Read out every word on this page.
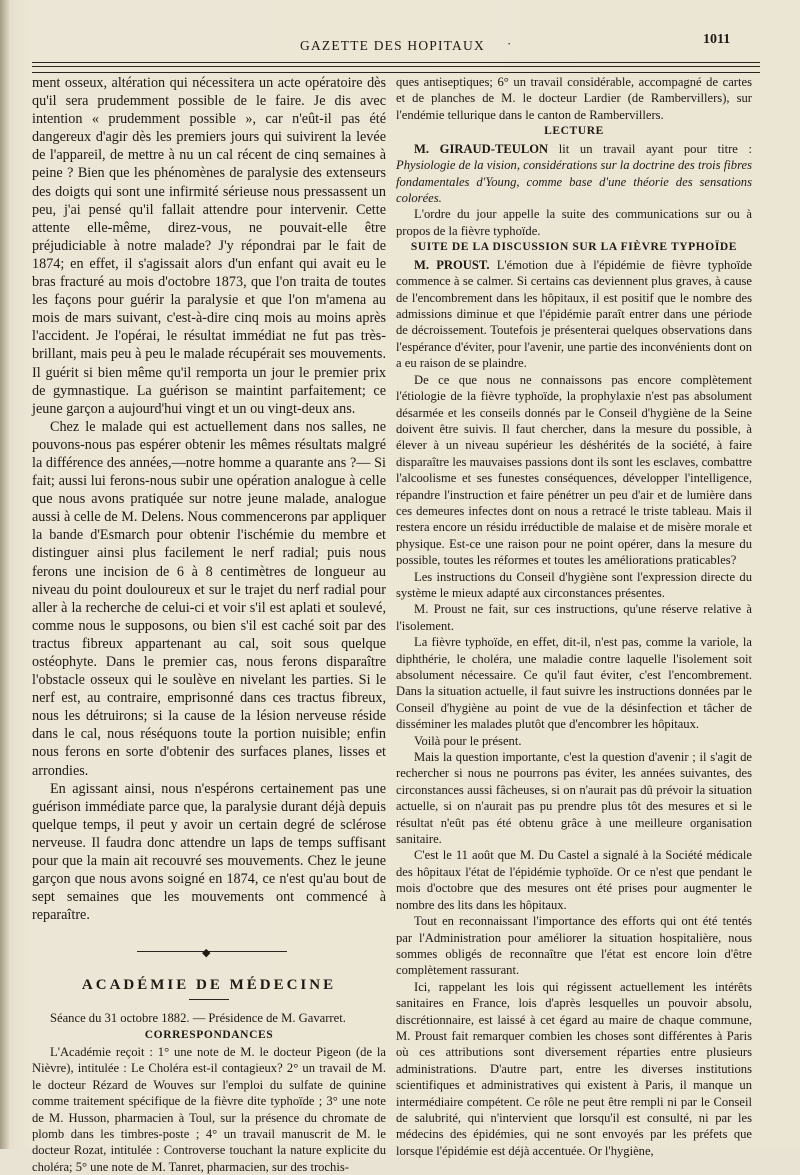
GAZETTE DES HOPITAUX ·	1011

ment osseux, altération qui nécessitera un acte opératoire dès qu'il sera prudemment possible de le faire. Je dis avec intention « prudemment possible », car n'eût-il pas été dangereux d'agir dès les premiers jours qui suivirent la levée de l'appareil, de mettre à nu un cal récent de cinq semaines à peine ? Bien que les phénomènes de paralysie des extenseurs des doigts qui sont une infirmité sérieuse nous pressassent un peu, j'ai pensé qu'il fallait attendre pour intervenir. Cette attente elle-même, direz-vous, ne pouvait-elle être préjudiciable à notre malade? J'y répondrai par le fait de 1874; en effet, il s'agissait alors d'un enfant qui avait eu le bras fracturé au mois d'octobre 1873, que l'on traita de toutes les façons pour guérir la paralysie et que l'on m'amena au mois de mars suivant, c'est-à-dire cinq mois au moins après l'accident. Je l'opérai, le résultat immédiat ne fut pas très-brillant, mais peu à peu le malade récupérait ses mouvements. Il guérit si bien même qu'il remporta un jour le premier prix de gymnastique. La guérison se maintint parfaitement; ce jeune garçon a aujourd'hui vingt et un ou vingt-deux ans.

Chez le malade qui est actuellement dans nos salles, ne pouvons-nous pas espérer obtenir les mêmes résultats malgré la différence des années,—notre homme a quarante ans ?— Si fait; aussi lui ferons-nous subir une opération analogue à celle que nous avons pratiquée sur notre jeune malade, analogue aussi à celle de M. Delens. Nous commencerons par appliquer la bande d'Esmarch pour obtenir l'ischémie du membre et distinguer ainsi plus facilement le nerf radial; puis nous ferons une incision de 6 à 8 centimètres de longueur au niveau du point douloureux et sur le trajet du nerf radial pour aller à la recherche de celui-ci et voir s'il est aplati et soulevé, comme nous le supposons, ou bien s'il est caché soit par des tractus fibreux appartenant au cal, soit sous quelque ostéophyte. Dans le premier cas, nous ferons disparaître l'obstacle osseux qui le soulève en nivelant les parties. Si le nerf est, au contraire, emprisonné dans ces tractus fibreux, nous les détruirons; si la cause de la lésion nerveuse réside dans le cal, nous réséquons toute la portion nuisible; enfin nous ferons en sorte d'obtenir des surfaces planes, lisses et arrondies.

En agissant ainsi, nous n'espérons certainement pas une guérison immédiate parce que, la paralysie durant déjà depuis quelque temps, il peut y avoir un certain degré de sclérose nerveuse. Il faudra donc attendre un laps de temps suffisant pour que la main ait recouvré ses mouvements. Chez le jeune garçon que nous avons soigné en 1874, ce n'est qu'au bout de sept semaines que les mouvements ont commencé à reparaître.

◆

ACADÉMIE DE MÉDECINE

Séance du 31 octobre 1882. — Présidence de M. Gavarret.

CORRESPONDANCES

L'Académie reçoit : 1° une note de M. le docteur Pigeon (de la Nièvre), intitulée : Le Choléra est-il contagieux? 2° un travail de M. le docteur Rézard de Wouves sur l'emploi du sulfate de quinine comme traitement spécifique de la fièvre dite typhoïde ; 3° une note de M. Husson, pharmacien à Toul, sur la présence du chromate de plomb dans les timbres-poste ; 4° un travail manuscrit de M. le docteur Rozat, intitulée : Controverse touchant la nature explicite du choléra; 5° une note de M. Tanret, pharmacien, sur des trochis-

ques antiseptiques; 6° un travail considérable, accompagné de cartes et de planches de M. le docteur Lardier (de Rambervillers), sur l'endémie tellurique dans le canton de Rambervillers.

LECTURE

M. GIRAUD-TEULON lit un travail ayant pour titre : Physiologie de la vision, considérations sur la doctrine des trois fibres fondamentales d'Young, comme base d'une théorie des sensations colorées.

L'ordre du jour appelle la suite des communications sur ou à propos de la fièvre typhoïde.

SUITE DE LA DISCUSSION SUR LA FIÈVRE TYPHOÏDE

M. PROUST. L'émotion due à l'épidémie de fièvre typhoïde commence à se calmer. Si certains cas deviennent plus graves, à cause de l'encombrement dans les hôpitaux, il est positif que le nombre des admissions diminue et que l'épidémie paraît entrer dans une période de décroissement. Toutefois je présenterai quelques observations dans l'espérance d'éviter, pour l'avenir, une partie des inconvénients dont on a eu raison de se plaindre.

De ce que nous ne connaissons pas encore complètement l'étiologie de la fièvre typhoïde, la prophylaxie n'est pas absolument désarmée et les conseils donnés par le Conseil d'hygiène de la Seine doivent être suivis. Il faut chercher, dans la mesure du possible, à élever à un niveau supérieur les déshérités de la société, à faire disparaître les mauvaises passions dont ils sont les esclaves, combattre l'alcoolisme et ses funestes conséquences, développer l'intelligence, répandre l'instruction et faire pénétrer un peu d'air et de lumière dans ces demeures infectes dont on nous a retracé le triste tableau. Mais il restera encore un résidu irréductible de malaise et de misère morale et physique. Est-ce une raison pour ne point opérer, dans la mesure du possible, toutes les réformes et toutes les améliorations praticables?

Les instructions du Conseil d'hygiène sont l'expression directe du système le mieux adapté aux circonstances présentes.

M. Proust ne fait, sur ces instructions, qu'une réserve relative à l'isolement.

La fièvre typhoïde, en effet, dit-il, n'est pas, comme la variole, la diphthérie, le choléra, une maladie contre laquelle l'isolement soit absolument nécessaire. Ce qu'il faut éviter, c'est l'encombrement. Dans la situation actuelle, il faut suivre les instructions données par le Conseil d'hygiène au point de vue de la désinfection et tâcher de disséminer les malades plutôt que d'encombrer les hôpitaux.

Voilà pour le présent.

Mais la question importante, c'est la question d'avenir ; il s'agit de rechercher si nous ne pourrons pas éviter, les années suivantes, des circonstances aussi fâcheuses, si on n'aurait pas dû prévoir la situation actuelle, si on n'aurait pas pu prendre plus tôt des mesures et si le résultat n'eût pas été obtenu grâce à une meilleure organisation sanitaire.

C'est le 11 août que M. Du Castel a signalé à la Société médicale des hôpitaux l'état de l'épidémie typhoïde. Or ce n'est que pendant le mois d'octobre que des mesures ont été prises pour augmenter le nombre des lits dans les hôpitaux.

Tout en reconnaissant l'importance des efforts qui ont été tentés par l'Administration pour améliorer la situation hospitalière, nous sommes obligés de reconnaître que l'état est encore loin d'être complètement rassurant.

Ici, rappelant les lois qui régissent actuellement les intérêts sanitaires en France, lois d'après lesquelles un pouvoir absolu, discrétionnaire, est laissé à cet égard au maire de chaque commune, M. Proust fait remarquer combien les choses sont différentes à Paris où ces attributions sont diversement réparties entre plusieurs administrations. D'autre part, entre les diverses institutions scientifiques et administratives qui existent à Paris, il manque un intermédiaire compétent. Ce rôle ne peut être rempli ni par le Conseil de salubrité, qui n'intervient que lorsqu'il est consulté, ni par les médecins des épidémies, qui ne sont envoyés par les préfets que lorsque l'épidémie est déjà accentuée. Or l'hygiène,
